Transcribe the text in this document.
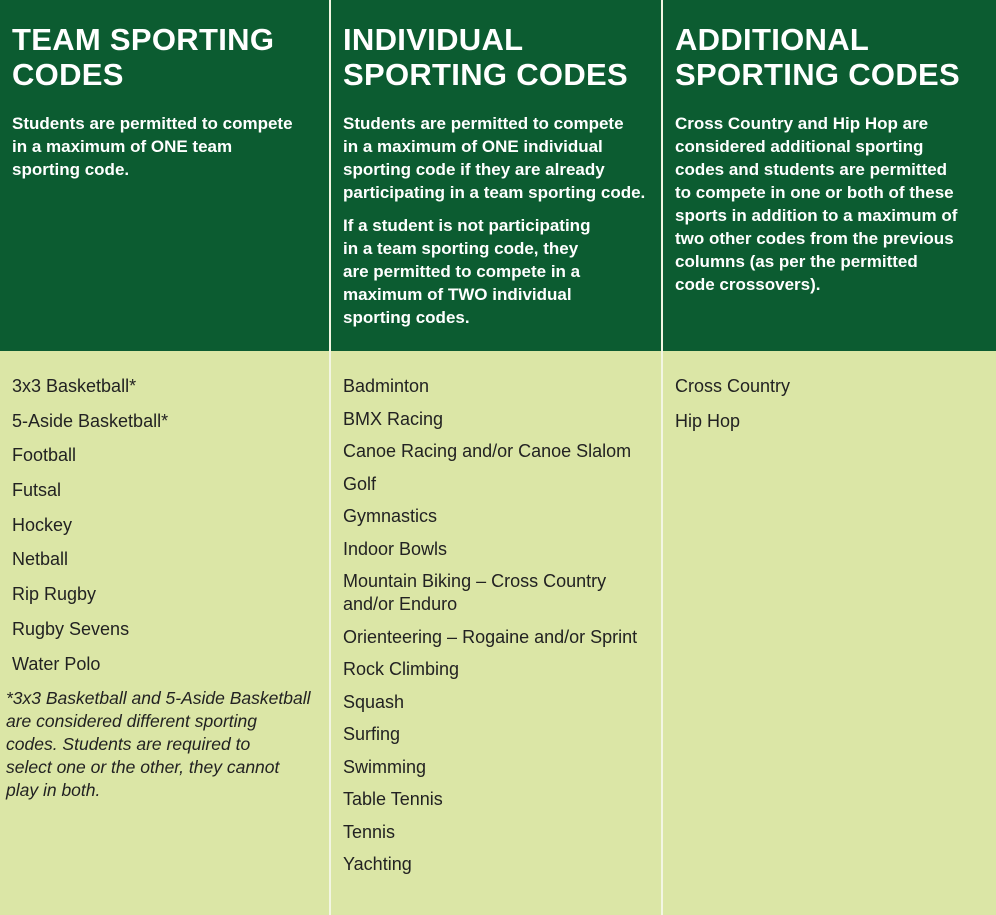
TEAM SPORTING
CODES

Students are permitted to compete
in a maximum of ONE team
sporting code.

INDIVIDUAL
SPORTING CODES

Students are permitted to compete
in a maximum of ONE individual
sporting code if they are already
participating in a team sporting code.

If a student is not participating
in a team sporting code, they
are permitted to compete in a
maximum of TWO individual
sporting codes.

ADDITIONAL
SPORTING CODES

Cross Country and Hip Hop are
considered additional sporting
codes and students are permitted
to compete in one or both of these
sports in addition to a maximum of
two other codes from the previous
columns (as per the permitted
code crossovers).

3x3 Basketball*
5-Aside Basketball*
Football
Futsal
Hockey
Netball
Rip Rugby
Rugby Sevens
Water Polo
*3x3 Basketball and 5-Aside Basketball
are considered different sporting
codes. Students are required to
select one or the other, they cannot
play in both.
Badminton
BMX Racing
Canoe Racing and/or Canoe Slalom
Golf
Gymnastics
Indoor Bowls
Mountain Biking – Cross Country
and/or Enduro
Orienteering – Rogaine and/or Sprint
Rock Climbing
Squash
Surfing
Swimming
Table Tennis
Tennis
Yachting
Cross Country
Hip Hop
